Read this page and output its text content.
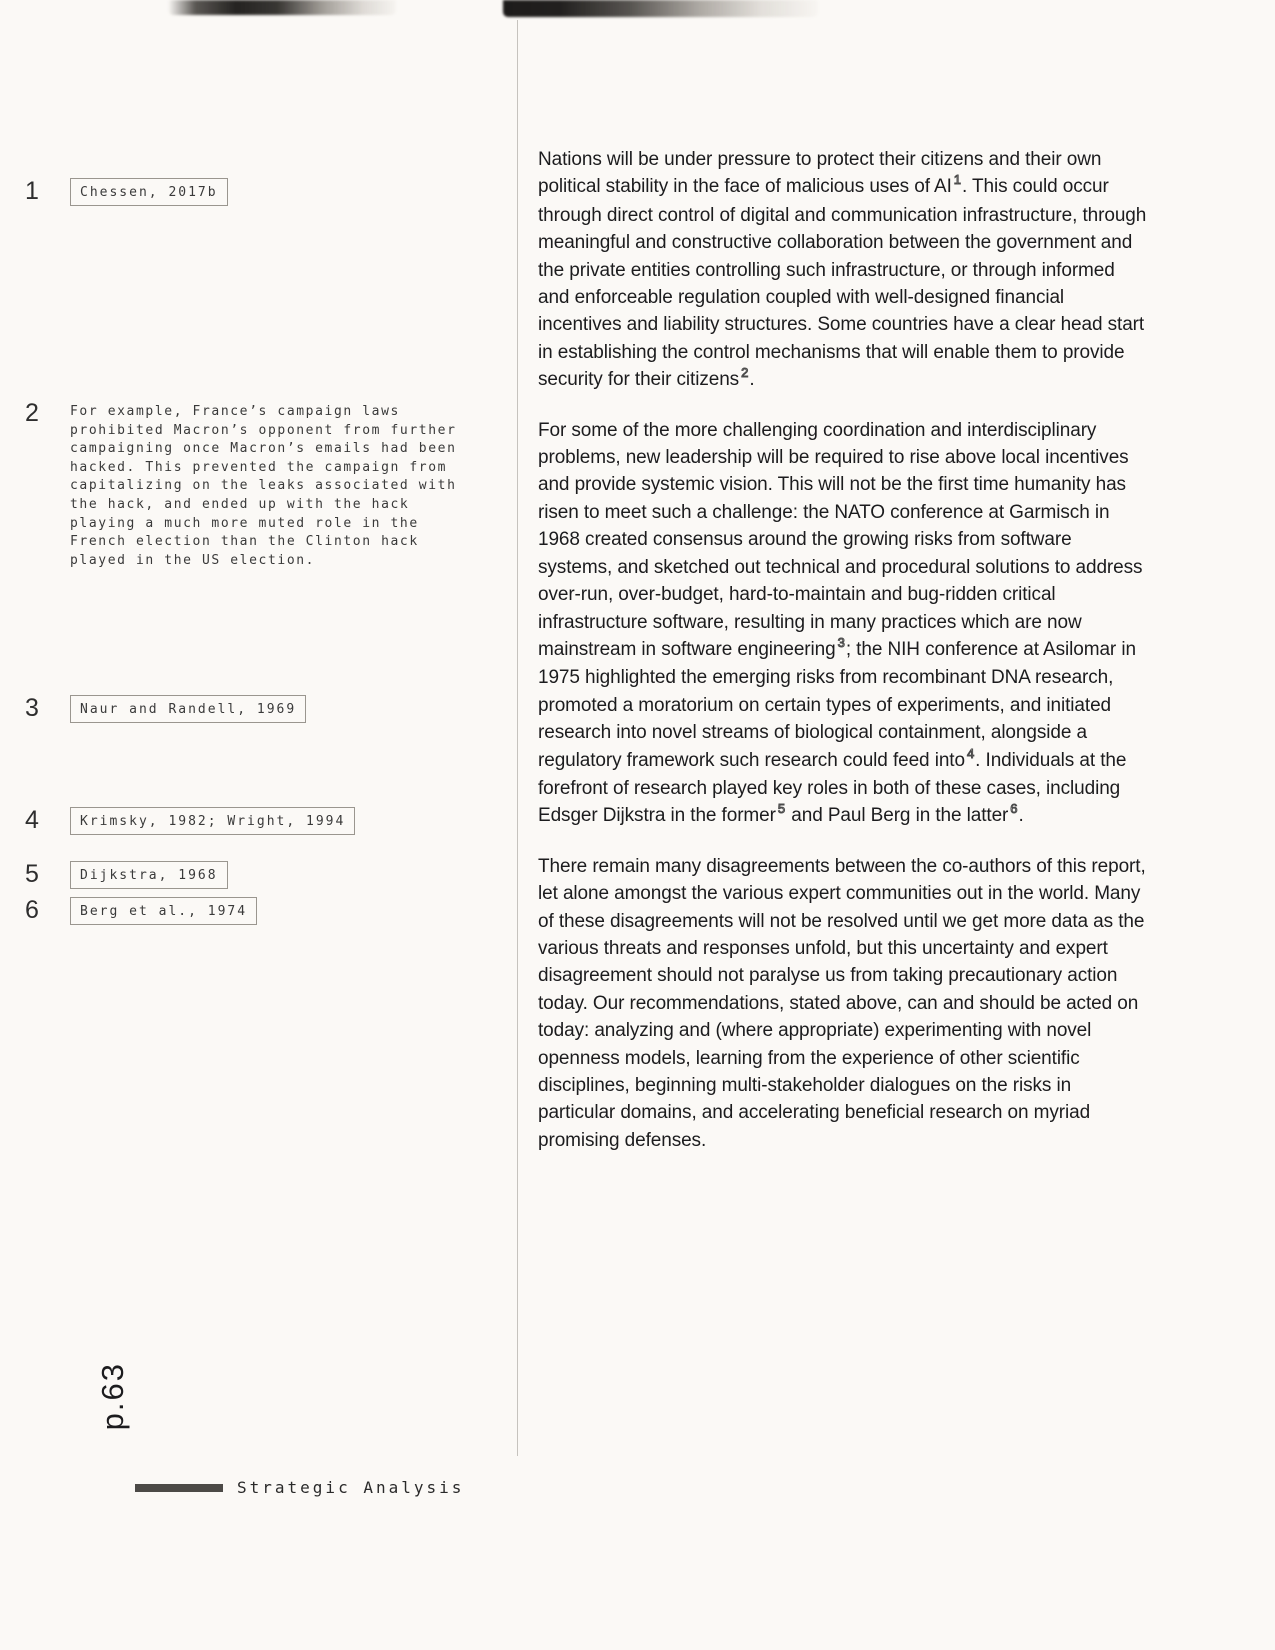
1	Chessen, 2017b
2	For example, France’s campaign laws prohibited Macron’s opponent from further campaigning once Macron’s emails had been hacked. This prevented the campaign from capitalizing on the leaks associated with the hack, and ended up with the hack playing a much more muted role in the French election than the Clinton hack played in the US election.
3	Naur and Randell, 1969
4	Krimsky, 1982; Wright, 1994
5	Dijkstra, 1968
6	Berg et al., 1974

Nations will be under pressure to protect their citizens and their own political stability in the face of malicious uses of AI $^1$. This could occur through direct control of digital and communication infrastructure, through meaningful and constructive collaboration between the government and the private entities controlling such infrastructure, or through informed and enforceable regulation coupled with well-designed financial incentives and liability structures. Some countries have a clear head start in establishing the control mechanisms that will enable them to provide security for their citizens $^2$.

For some of the more challenging coordination and interdisciplinary problems, new leadership will be required to rise above local incentives and provide systemic vision. This will not be the first time humanity has risen to meet such a challenge: the NATO conference at Garmisch in 1968 created consensus around the growing risks from software systems, and sketched out technical and procedural solutions to address over-run, over-budget, hard-to-maintain and bug-ridden critical infrastructure software, resulting in many practices which are now mainstream in software engineering $^3$; the NIH conference at Asilomar in 1975 highlighted the emerging risks from recombinant DNA research, promoted a moratorium on certain types of experiments, and initiated research into novel streams of biological containment, alongside a regulatory framework such research could feed into $^4$. Individuals at the forefront of research played key roles in both of these cases, including Edsger Dijkstra in the former $^5$ and Paul Berg in the latter $^6$.

There remain many disagreements between the co-authors of this report, let alone amongst the various expert communities out in the world. Many of these disagreements will not be resolved until we get more data as the various threats and responses unfold, but this uncertainty and expert disagreement should not paralyse us from taking precautionary action today. Our recommendations, stated above, can and should be acted on today: analyzing and (where appropriate) experimenting with novel openness models, learning from the experience of other scientific disciplines, beginning multi-stakeholder dialogues on the risks in particular domains, and accelerating beneficial research on myriad promising defenses.

p.63
Strategic Analysis
